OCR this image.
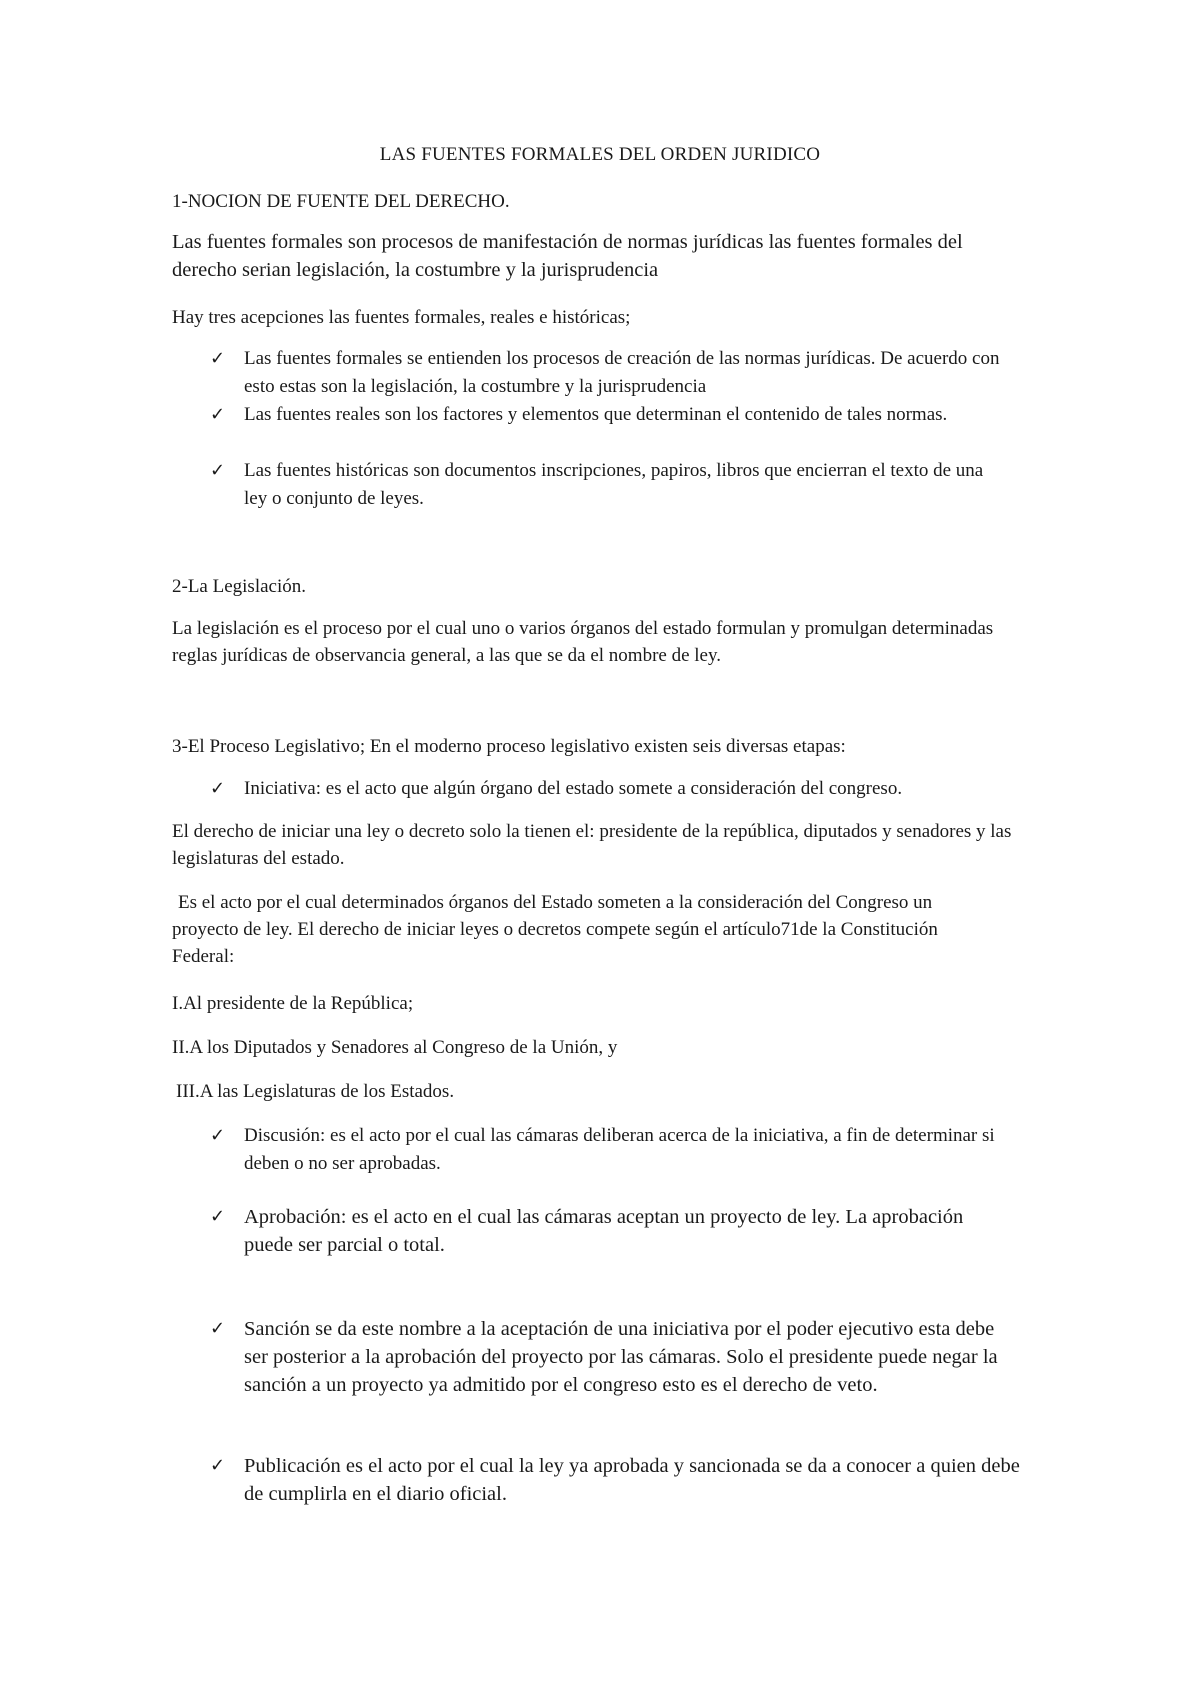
LAS FUENTES FORMALES DEL ORDEN JURIDICO

1-NOCION DE FUENTE DEL DERECHO.

Las fuentes formales son procesos de manifestación de normas jurídicas las fuentes formales del derecho serian legislación, la costumbre y la jurisprudencia

Hay tres acepciones las fuentes formales, reales e históricas;

✓ Las fuentes formales se entienden los procesos de creación de las normas jurídicas. De acuerdo con esto estas son la legislación, la costumbre y la jurisprudencia
✓ Las fuentes reales son los factores y elementos que determinan el contenido de tales normas.
✓ Las fuentes históricas son documentos inscripciones, papiros, libros que encierran el texto de una ley o conjunto de leyes.

2-La Legislación.

La legislación es el proceso por el cual uno o varios órganos del estado formulan y promulgan determinadas reglas jurídicas de observancia general, a las que se da el nombre de ley.

3-El Proceso Legislativo; En el moderno proceso legislativo existen seis diversas etapas:

✓ Iniciativa: es el acto que algún órgano del estado somete a consideración del congreso.

El derecho de iniciar una ley o decreto solo la tienen el: presidente de la república, diputados y senadores y las legislaturas del estado.

Es el acto por el cual determinados órganos del Estado someten a la consideración del Congreso un proyecto de ley. El derecho de iniciar leyes o decretos compete según el artículo71de la Constitución Federal:

I.Al presidente de la República;

II.A los Diputados y Senadores al Congreso de la Unión, y

III.A las Legislaturas de los Estados.

✓ Discusión: es el acto por el cual las cámaras deliberan acerca de la iniciativa, a fin de determinar si deben o no ser aprobadas.
✓ Aprobación: es el acto en el cual las cámaras aceptan un proyecto de ley. La aprobación puede ser parcial o total.
✓ Sanción se da este nombre a la aceptación de una iniciativa por el poder ejecutivo esta debe ser posterior a la aprobación del proyecto por las cámaras. Solo el presidente puede negar la sanción a un proyecto ya admitido por el congreso esto es el derecho de veto.
✓ Publicación es el acto por el cual la ley ya aprobada y sancionada se da a conocer a quien debe de cumplirla en el diario oficial.
